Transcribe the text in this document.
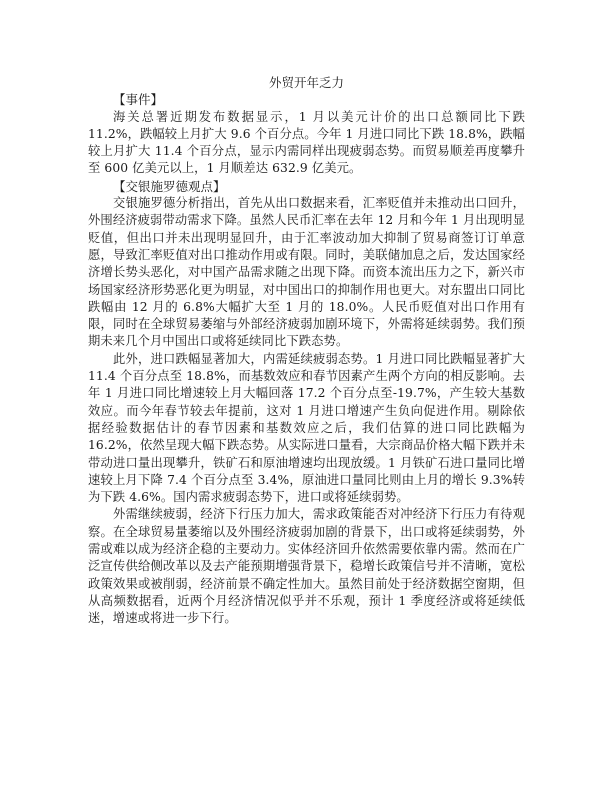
外贸开年乏力

【事件】

海关总署近期发布数据显示，1 月以美元计价的出口总额同比下跌 11.2%，跌幅较上月扩大 9.6 个百分点。今年 1 月进口同比下跌 18.8%，跌幅较上月扩大 11.4 个百分点，显示内需同样出现疲弱态势。而贸易顺差再度攀升至 600 亿美元以上，1 月顺差达 632.9 亿美元。

【交银施罗德观点】

交银施罗德分析指出，首先从出口数据来看，汇率贬值并未推动出口回升，外围经济疲弱带动需求下降。虽然人民币汇率在去年 12 月和今年 1 月出现明显贬值，但出口并未出现明显回升，由于汇率波动加大抑制了贸易商签订订单意愿，导致汇率贬值对出口推动作用或有限。同时，美联储加息之后，发达国家经济增长势头恶化，对中国产品需求随之出现下降。而资本流出压力之下，新兴市场国家经济形势恶化更为明显，对中国出口的抑制作用也更大。对东盟出口同比跌幅由 12 月的 6.8%大幅扩大至 1 月的 18.0%。人民币贬值对出口作用有限，同时在全球贸易萎缩与外部经济疲弱加剧环境下，外需将延续弱势。我们预期未来几个月中国出口或将延续同比下跌态势。

此外，进口跌幅显著加大，内需延续疲弱态势。1 月进口同比跌幅显著扩大 11.4 个百分点至 18.8%，而基数效应和春节因素产生两个方向的相反影响。去年 1 月进口同比增速较上月大幅回落 17.2 个百分点至-19.7%，产生较大基数效应。而今年春节较去年提前，这对 1 月进口增速产生负向促进作用。剔除依据经验数据估计的春节因素和基数效应之后，我们估算的进口同比跌幅为 16.2%，依然呈现大幅下跌态势。从实际进口量看，大宗商品价格大幅下跌并未带动进口量出现攀升，铁矿石和原油增速均出现放缓。1 月铁矿石进口量同比增速较上月下降 7.4 个百分点至 3.4%，原油进口量同比则由上月的增长 9.3%转为下跌 4.6%。国内需求疲弱态势下，进口或将延续弱势。

外需继续疲弱，经济下行压力加大，需求政策能否对冲经济下行压力有待观察。在全球贸易量萎缩以及外围经济疲弱加剧的背景下，出口或将延续弱势，外需或难以成为经济企稳的主要动力。实体经济回升依然需要依靠内需。然而在广泛宣传供给侧改革以及去产能预期增强背景下，稳增长政策信号并不清晰，宽松政策效果或被削弱，经济前景不确定性加大。虽然目前处于经济数据空窗期，但从高频数据看，近两个月经济情况似乎并不乐观，预计 1 季度经济或将延续低迷，增速或将进一步下行。
